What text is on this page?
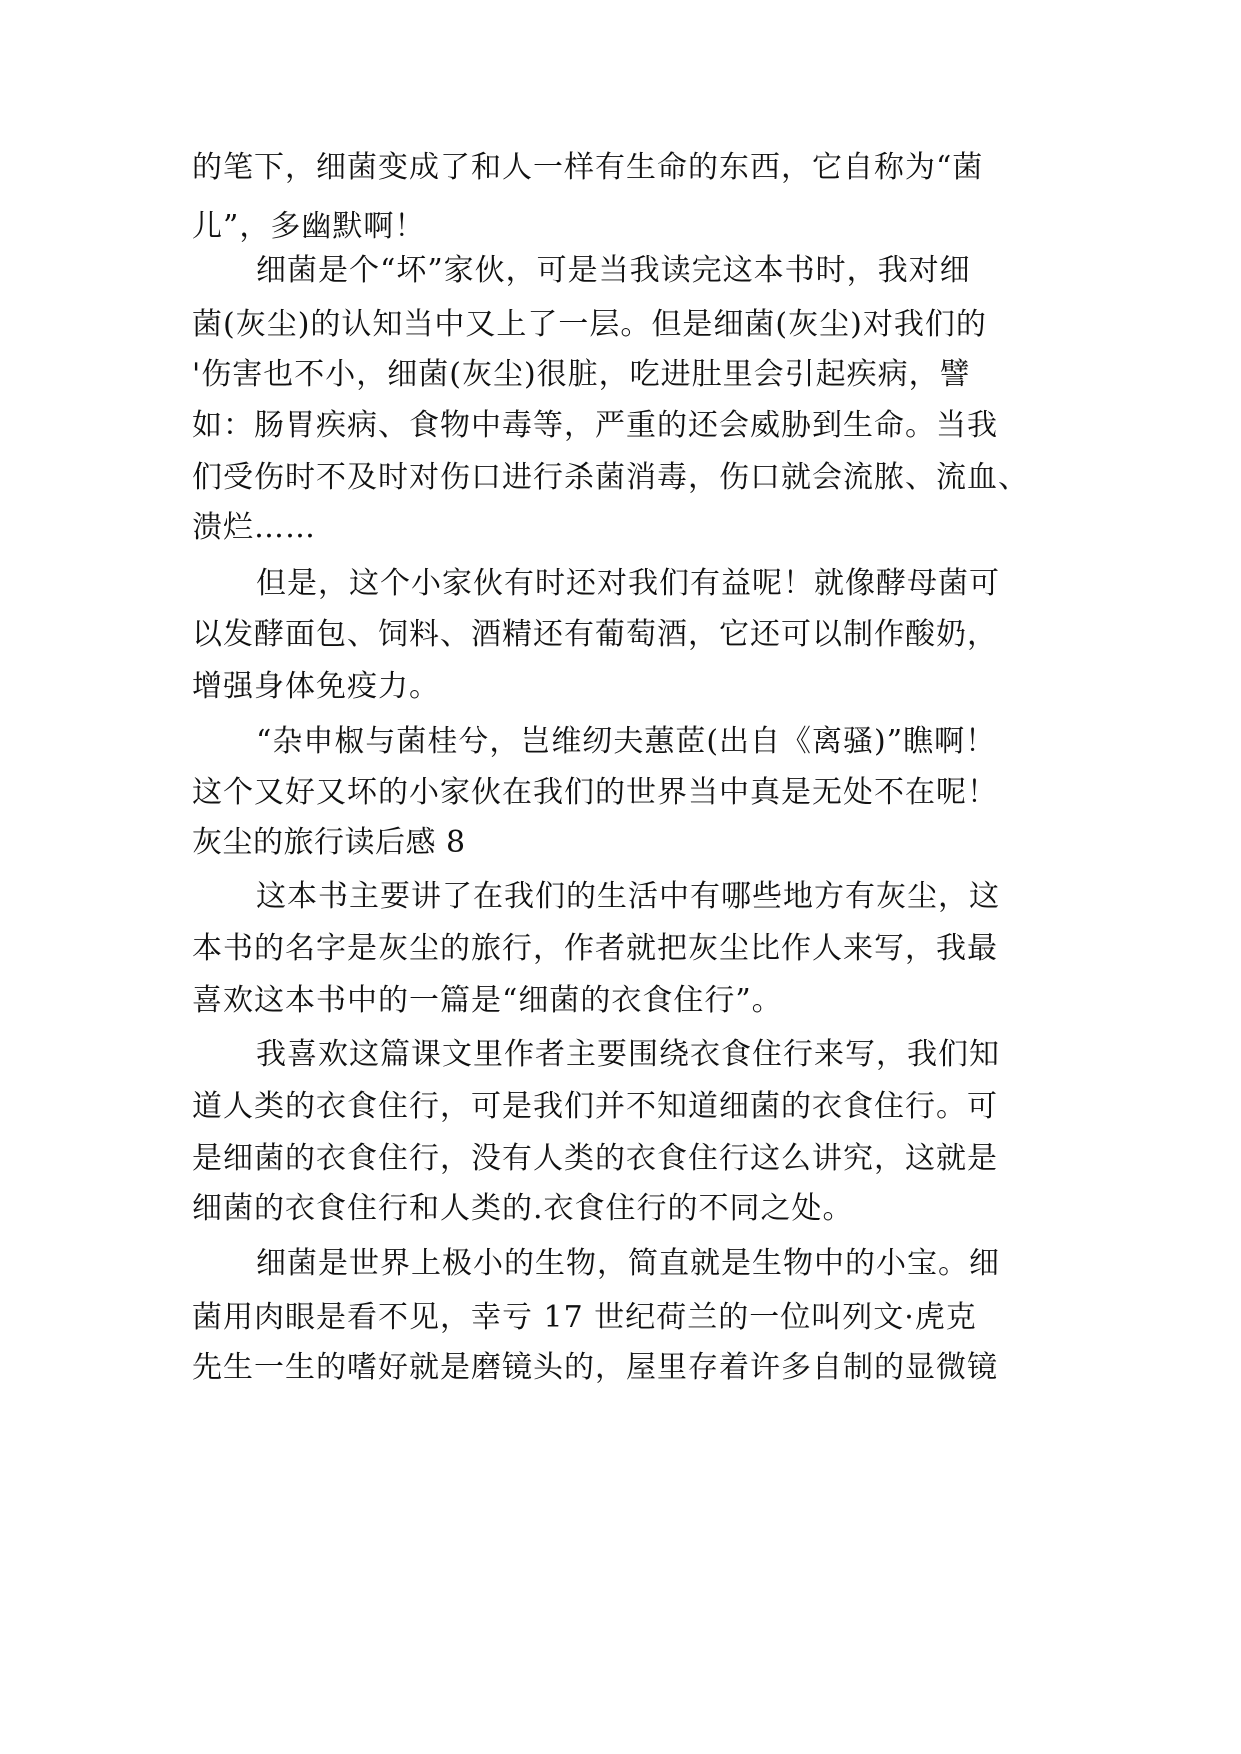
的笔下，细菌变成了和人一样有生命的东西，它自称为“菌
儿”，多幽默啊！
细菌是个“坏”家伙，可是当我读完这本书时，我对细
菌(灰尘)的认知当中又上了一层。但是细菌(灰尘)对我们的
'伤害也不小，细菌(灰尘)很脏，吃进肚里会引起疾病，譬
如：肠胃疾病、食物中毒等，严重的还会威胁到生命。当我
们受伤时不及时对伤口进行杀菌消毒，伤口就会流脓、流血、
溃烂……
但是，这个小家伙有时还对我们有益呢！就像酵母菌可
以发酵面包、饲料、酒精还有葡萄酒，它还可以制作酸奶，
增强身体免疫力。
“杂申椒与菌桂兮，岂维纫夫蕙茝(出自《离骚)”瞧啊！
这个又好又坏的小家伙在我们的世界当中真是无处不在呢！
灰尘的旅行读后感 8
这本书主要讲了在我们的生活中有哪些地方有灰尘，这
本书的名字是灰尘的旅行，作者就把灰尘比作人来写，我最
喜欢这本书中的一篇是“细菌的衣食住行”。
我喜欢这篇课文里作者主要围绕衣食住行来写，我们知
道人类的衣食住行，可是我们并不知道细菌的衣食住行。可
是细菌的衣食住行，没有人类的衣食住行这么讲究，这就是
细菌的衣食住行和人类的.衣食住行的不同之处。
细菌是世界上极小的生物，简直就是生物中的小宝。细
菌用肉眼是看不见，幸亏 17 世纪荷兰的一位叫列文·虎克
先生一生的嗜好就是磨镜头的，屋里存着许多自制的显微镜
